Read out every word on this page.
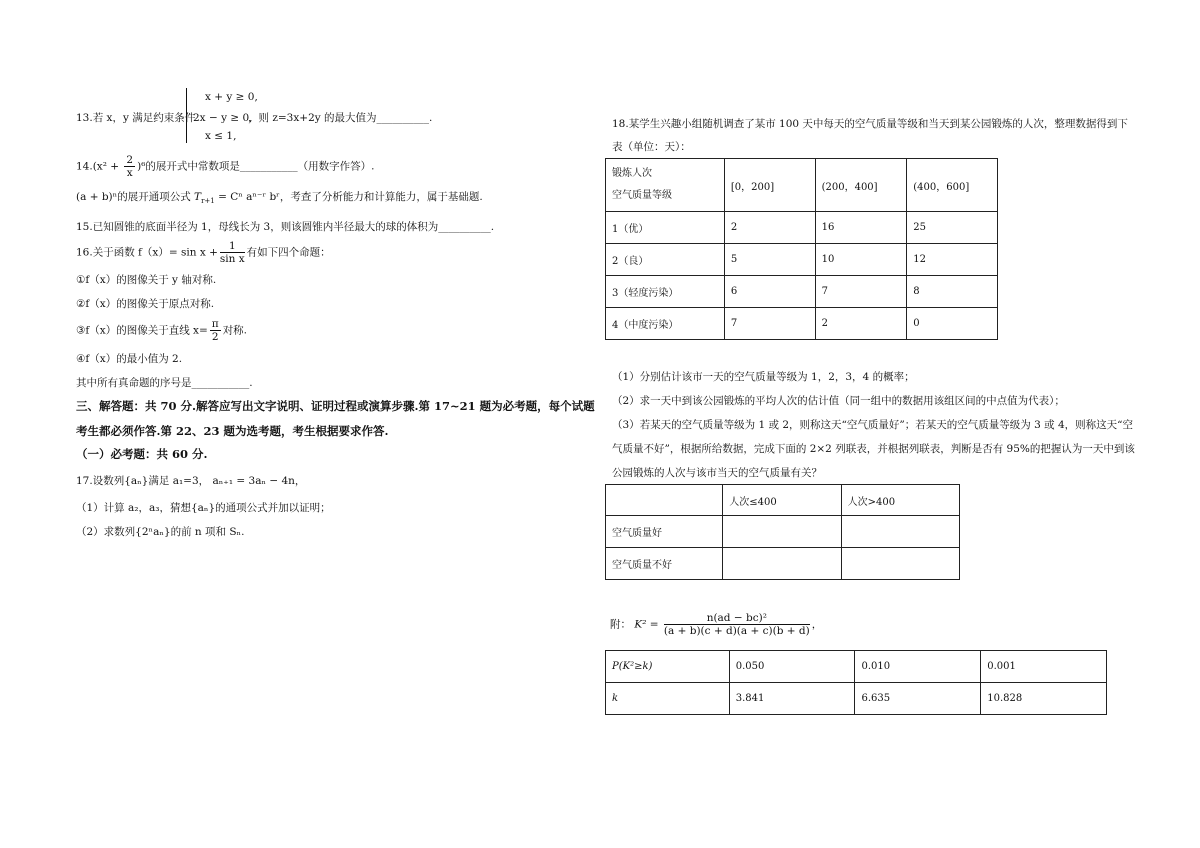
13.若 x，y 满足约束条件
x + y ≥ 0,
2x − y ≥ 0,
x ≤ 1,
，则 z=3x+2y 的最大值为__________.
$14.(x^2 + \frac{2}{x} )^6$的展开式中常数项是___________（用数字作答）.
(a + b)ⁿ的展开通项公式 $T_{r+1} = C^n$ aⁿ⁻ʳ bʳ，考查了分析能力和计算能力，属于基础题.
15.已知圆锥的底面半径为 1，母线长为 3，则该圆锥内半径最大的球的体积为__________.
16.关于函数 $f(x)= \sin x + \frac{1}{\text{sin x}}$ 有如下四个命题：
①f（x）的图像关于 y 轴对称.
②f（x）的图像关于原点对称.
③f（x）的图像关于直线 $x= \frac{\pi}{2}$ 对称.
④f（x）的最小值为 2.
其中所有真命题的序号是___________.
三、解答题：共 70 分.解答应写出文字说明、证明过程或演算步骤.第 17~21 题为必考题，每个试题
考生都必须作答.第 22、23 题为选考题，考生根据要求作答.
（一）必考题：共 60 分.
17.设数列{aₙ}满足 a₁=3， aₙ₊₁ = 3aₙ − 4n，
（1）计算 a₂，a₃，猜想{aₙ}的通项公式并加以证明；
（2）求数列{2ⁿaₙ}的前 n 项和 Sₙ.
18.某学生兴趣小组随机调查了某市 100 天中每天的空气质量等级和当天到某公园锻炼的人次，整理数据得到下
表（单位：天）：
锻炼人次
空气质量等级	[0，200]	(200，400]	(400，600]
1（优）	2	16	25
2（良）	5	10	12
3（轻度污染）	6	7	8
4（中度污染）	7	2	0
（1）分别估计该市一天的空气质量等级为 1，2，3，4 的概率；
（2）求一天中到该公园锻炼的平均人次的估计值（同一组中的数据用该组区间的中点值为代表）；
（3）若某天的空气质量等级为 1 或 2，则称这天“空气质量好”；若某天的空气质量等级为 3 或 4，则称这天“空
气质量不好”，根据所给数据，完成下面的 2×2 列联表，并根据列联表，判断是否有 95%的把握认为一天中到该
公园锻炼的人次与该市当天的空气质量有关？
	人次≤400	人次>400
空气质量好		
空气质量不好		
附： $K^2 = \frac{\text{n(ad − bc)²}}{(a + b)(c + d)(a + c)(b + d)}$ ，
P(K²≥k)	0.050	0.010	0.001
k	3.841	6.635	10.828
